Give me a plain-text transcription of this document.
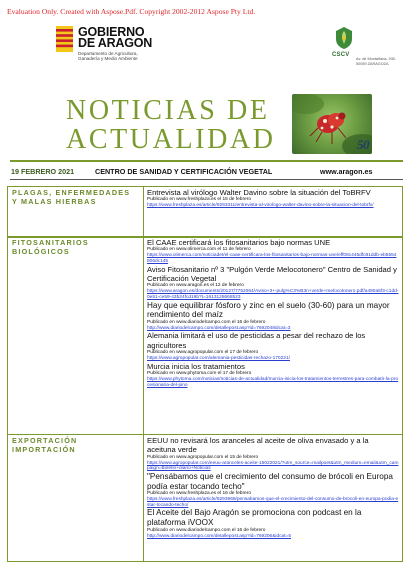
Evaluation Only. Created with Aspose.Pdf. Copyright 2002-2012 Aspose Pty Ltd.
GOBIERNO
DE ARAGON
Departamento de Agricultura,
Ganadería y Medio Ambiente
CSCV
Av. de Montañana, 930.
50059 ZARAGOZA
NOTICIAS DE
ACTUALIDAD	50
19 FEBRERO 2021	CENTRO DE SANIDAD Y CERTIFICACIÓN VEGETAL	www.aragon.es
PLAGAS, ENFERMEDADES Y MALAS HIERBAS
Entrevista al virólogo Walter Davino sobre la situación del ToBRFV
Publicado en www.freshplaza.es el 15 de febrero
https://www.freshplaza.es/article/9293311/entrevista-al-virologo-walter-davino-sobre-la-situacion-del-tobrfv/
FITOSANITARIOS BIOLÓGICOS
El CAAE certificará los fitosanitarios bajo normas UNE
Publicado en www.olimerca.com el 11 de febrero
https://www.olimerca.com/noticiadet/el-caae-certificara-los-fitosanitarios-bajo-normas-une/eff08c445dfc81ddb-eb5554806dc145
Aviso Fitosanitario nº 3 "Pulgón Verde Melocotonero" Centro de Sanidad y Certificación Vegetal
Publicado en www.aragon.es el 12 de febrero
https://www.aragon.es/documents/20127/7752064/Aviso+3+-pulg%C3%B3n+verde+melocotonero.pdf/a490a5f3-c1dd-0e51-ce59-43b24fcd19b?t=1613128668523
Hay que equilibrar fósforo y zinc en el suelo (30-60) para un mayor rendimiento del maíz
Publicado en www.diariodelcampo.com el 16 de febrero
http://www.diariodelcampo.com/detallepost.asp?id=7692048idcat=3
Alemania limitará el uso de pesticidas a pesar del rechazo de los agricultores
Publicado en www.agropopular.com el 17 de febrero
https://www.agropopular.com/alemania-pesticidas-rechazo-170221/
Murcia inicia los tratamientos
Publicado en www.phytoma.com el 17 de febrero
https://www.phytoma.com/noticias/noticias-de-actualidad/murcia-inicia-los-tratamientos-terrestres-para-combatir-la-procesionaria-del-pino
EXPORTACIÓN IMPORTACIÓN
EEUU no revisará los aranceles al aceite de oliva envasado y a la aceituna verde
Publicado en www.agropopular.com el 15 de febrero
https://www.agropopular.com/eeuu-aranceles-aceite-15022021/?utm_source=mailpoet&utm_medium=email&utm_campaign=Boletin+diario+Noticias
"Pensábamos que el crecimiento del consumo de brócoli en Europa podía estar tocando techo"
Publicado en www.freshplaza.es el 16 de febrero
https://www.freshplaza.es/article/9293969/pensabamos-que-el-crecimiento-del-consumo-de-brocoli-en-europa-podia-estar-tocando-techo/
El Aceite del Bajo Aragón se promociona con podcast en la plataforma iVOOX
Publicado en www.diariodelcampo.com el 16 de febrero
http://www.diariodelcampo.com/detallepost.asp?id=769206&idcat=5
